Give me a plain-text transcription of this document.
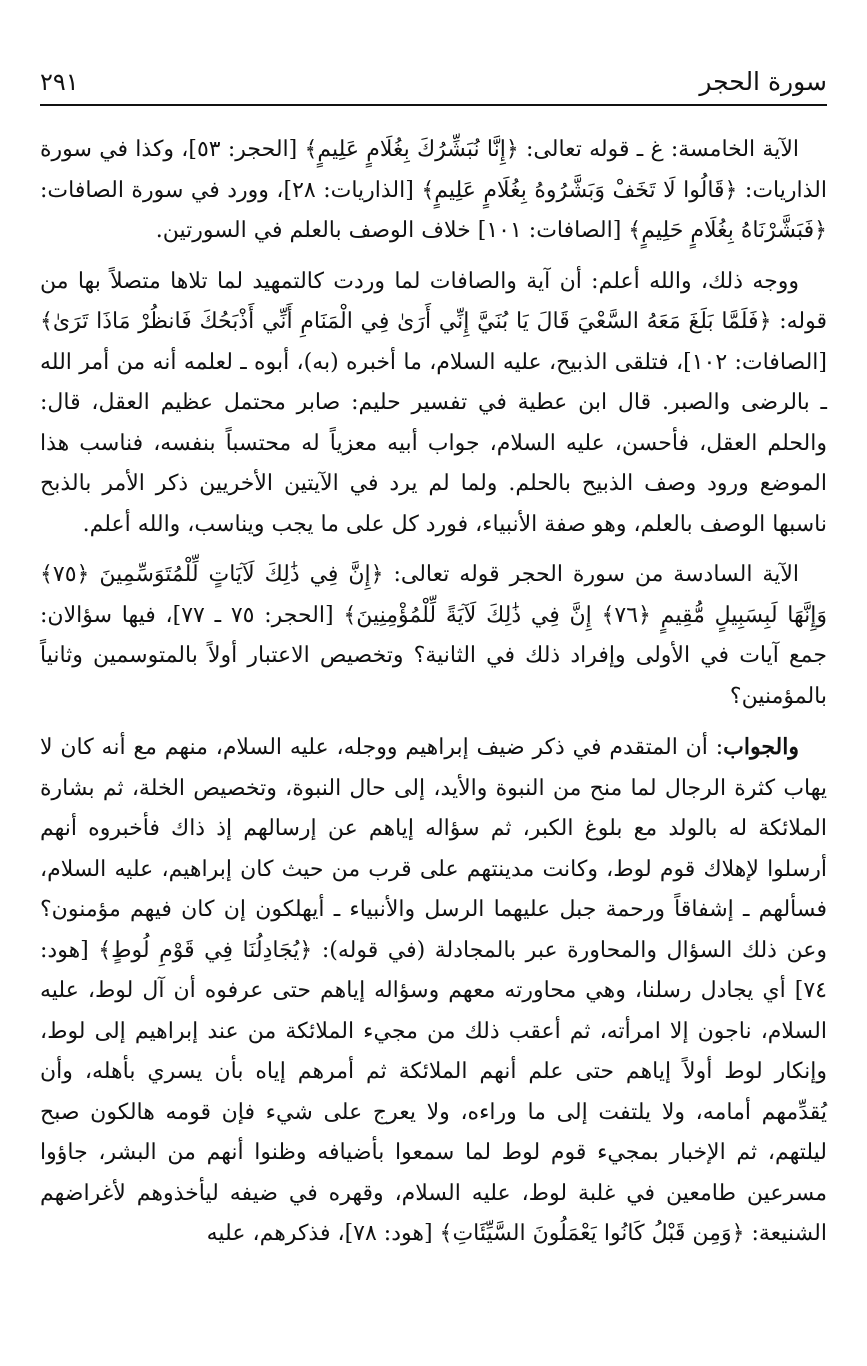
سورة الحجر
٢٩١

الآية الخامسة: غ ـ قوله تعالى: ﴿إِنَّا نُبَشِّرُكَ بِغُلَامٍ عَلِيمٍ﴾ [الحجر: ٥٣]، وكذا في سورة الذاريات: ﴿قَالُوا لَا تَخَفْ وَبَشَّرُوهُ بِغُلَامٍ عَلِيمٍ﴾ [الذاريات: ٢٨]، وورد في سورة الصافات: ﴿فَبَشَّرْنَاهُ بِغُلَامٍ حَلِيمٍ﴾ [الصافات: ١٠١] خلاف الوصف بالعلم في السورتين.

ووجه ذلك، والله أعلم: أن آية والصافات لما وردت كالتمهيد لما تلاها متصلاً بها من قوله: ﴿فَلَمَّا بَلَغَ مَعَهُ السَّعْيَ قَالَ يَا بُنَيَّ إِنِّي أَرَىٰ فِي الْمَنَامِ أَنِّي أَذْبَحُكَ فَانظُرْ مَاذَا تَرَىٰ﴾ [الصافات: ١٠٢]، فتلقى الذبيح، عليه السلام، ما أخبره (به)، أبوه ـ لعلمه أنه من أمر الله ـ بالرضى والصبر. قال ابن عطية في تفسير حليم: صابر محتمل عظيم العقل، قال: والحلم العقل، فأحسن، عليه السلام، جواب أبيه معزياً له محتسباً بنفسه، فناسب هذا الموضع ورود وصف الذبيح بالحلم. ولما لم يرد في الآيتين الأخريين ذكر الأمر بالذبح ناسبها الوصف بالعلم، وهو صفة الأنبياء، فورد كل على ما يجب ويناسب، والله أعلم.

الآية السادسة من سورة الحجر قوله تعالى: ﴿إِنَّ فِي ذَٰلِكَ لَآيَاتٍ لِّلْمُتَوَسِّمِينَ ﴿٧٥﴾ وَإِنَّهَا لَبِسَبِيلٍ مُّقِيمٍ ﴿٧٦﴾ إِنَّ فِي ذَٰلِكَ لَآيَةً لِّلْمُؤْمِنِينَ﴾ [الحجر: ٧٥ ـ ٧٧]، فيها سؤالان: جمع آيات في الأولى وإفراد ذلك في الثانية؟ وتخصيص الاعتبار أولاً بالمتوسمين وثانياً بالمؤمنين؟

والجواب: أن المتقدم في ذكر ضيف إبراهيم ووجله، عليه السلام، منهم مع أنه كان لا يهاب كثرة الرجال لما منح من النبوة والأيد، إلى حال النبوة، وتخصيص الخلة، ثم بشارة الملائكة له بالولد مع بلوغ الكبر، ثم سؤاله إياهم عن إرسالهم إذ ذاك فأخبروه أنهم أرسلوا لإهلاك قوم لوط، وكانت مدينتهم على قرب من حيث كان إبراهيم، عليه السلام، فسألهم ـ إشفاقاً ورحمة جبل عليهما الرسل والأنبياء ـ أيهلكون إن كان فيهم مؤمنون؟ وعن ذلك السؤال والمحاورة عبر بالمجادلة (في قوله): ﴿يُجَادِلُنَا فِي قَوْمِ لُوطٍ﴾ [هود: ٧٤] أي يجادل رسلنا، وهي محاورته معهم وسؤاله إياهم حتى عرفوه أن آل لوط، عليه السلام، ناجون إلا امرأته، ثم أعقب ذلك من مجيء الملائكة من عند إبراهيم إلى لوط، وإنكار لوط أولاً إياهم حتى علم أنهم الملائكة ثم أمرهم إياه بأن يسري بأهله، وأن يُقدِّمهم أمامه، ولا يلتفت إلى ما وراءه، ولا يعرج على شيء فإن قومه هالكون صبح ليلتهم، ثم الإخبار بمجيء قوم لوط لما سمعوا بأضيافه وظنوا أنهم من البشر، جاؤوا مسرعين طامعين في غلبة لوط، عليه السلام، وقهره في ضيفه ليأخذوهم لأغراضهم الشنيعة: ﴿وَمِن قَبْلُ كَانُوا يَعْمَلُونَ السَّيِّئَاتِ﴾ [هود: ٧٨]، فذكرهم، عليه
